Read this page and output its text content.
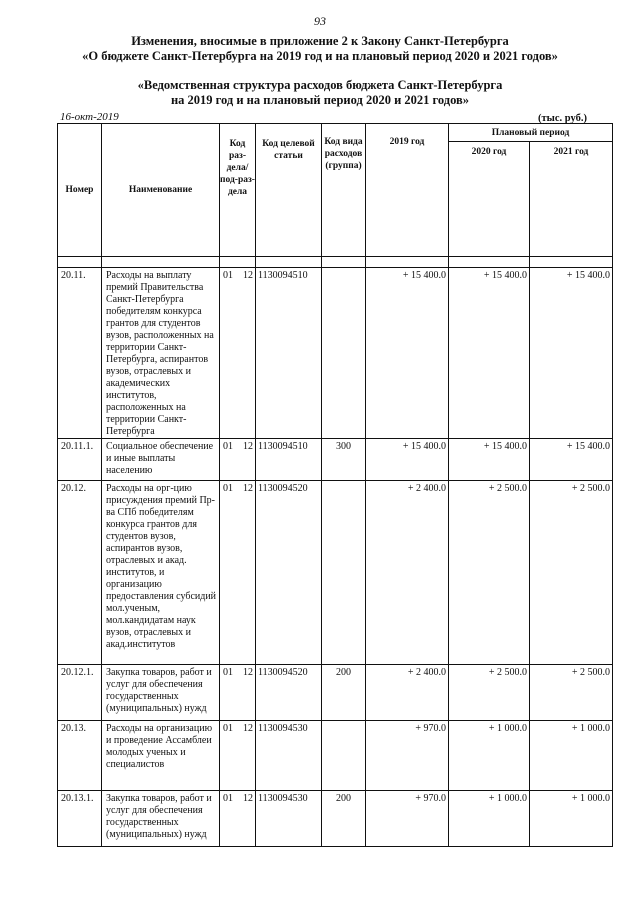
93
Изменения, вносимые в приложение 2 к Закону Санкт-Петербурга
«О бюджете Санкт-Петербурга на 2019 год и на плановый период 2020 и 2021 годов»
«Ведомственная структура расходов бюджета Санкт-Петербурга
на 2019 год и на плановый период 2020 и 2021 годов»
16-окт-2019	(тыс. руб.)
Номер	Наименование	Код раз-дела/ под-раз-дела		Код целевой статьи	Код вида расходов (группа)	2019 год	Плановый период	
							2020 год	2021 год

20.11.	Расходы на выплату премий Правительства Санкт-Петербурга победителям конкурса грантов для студентов вузов, расположенных на территории Санкт-Петербурга, аспирантов вузов, отраслевых и академических институтов, расположенных на территории Санкт-Петербурга	01	12	1130094510		+ 15 400.0	+ 15 400.0	+ 15 400.0
20.11.1.	Социальное обеспечение и иные выплаты населению	01	12	1130094510	300	+ 15 400.0	+ 15 400.0	+ 15 400.0
20.12.	Расходы на орг-цию присуждения премий Пр-ва СПб победителям конкурса грантов для студентов вузов, аспирантов вузов, отраслевых и акад. институтов, и организацию предоставления субсидий мол.ученым, мол.кандидатам наук вузов, отраслевых и акад.институтов	01	12	1130094520		+ 2 400.0	+ 2 500.0	+ 2 500.0
20.12.1.	Закупка товаров, работ и услуг для обеспечения государственных (муниципальных) нужд	01	12	1130094520	200	+ 2 400.0	+ 2 500.0	+ 2 500.0
20.13.	Расходы на организацию и проведение Ассамблеи молодых ученых и специалистов	01	12	1130094530		+ 970.0	+ 1 000.0	+ 1 000.0
20.13.1.	Закупка товаров, работ и услуг для обеспечения государственных (муниципальных) нужд	01	12	1130094530	200	+ 970.0	+ 1 000.0	+ 1 000.0
